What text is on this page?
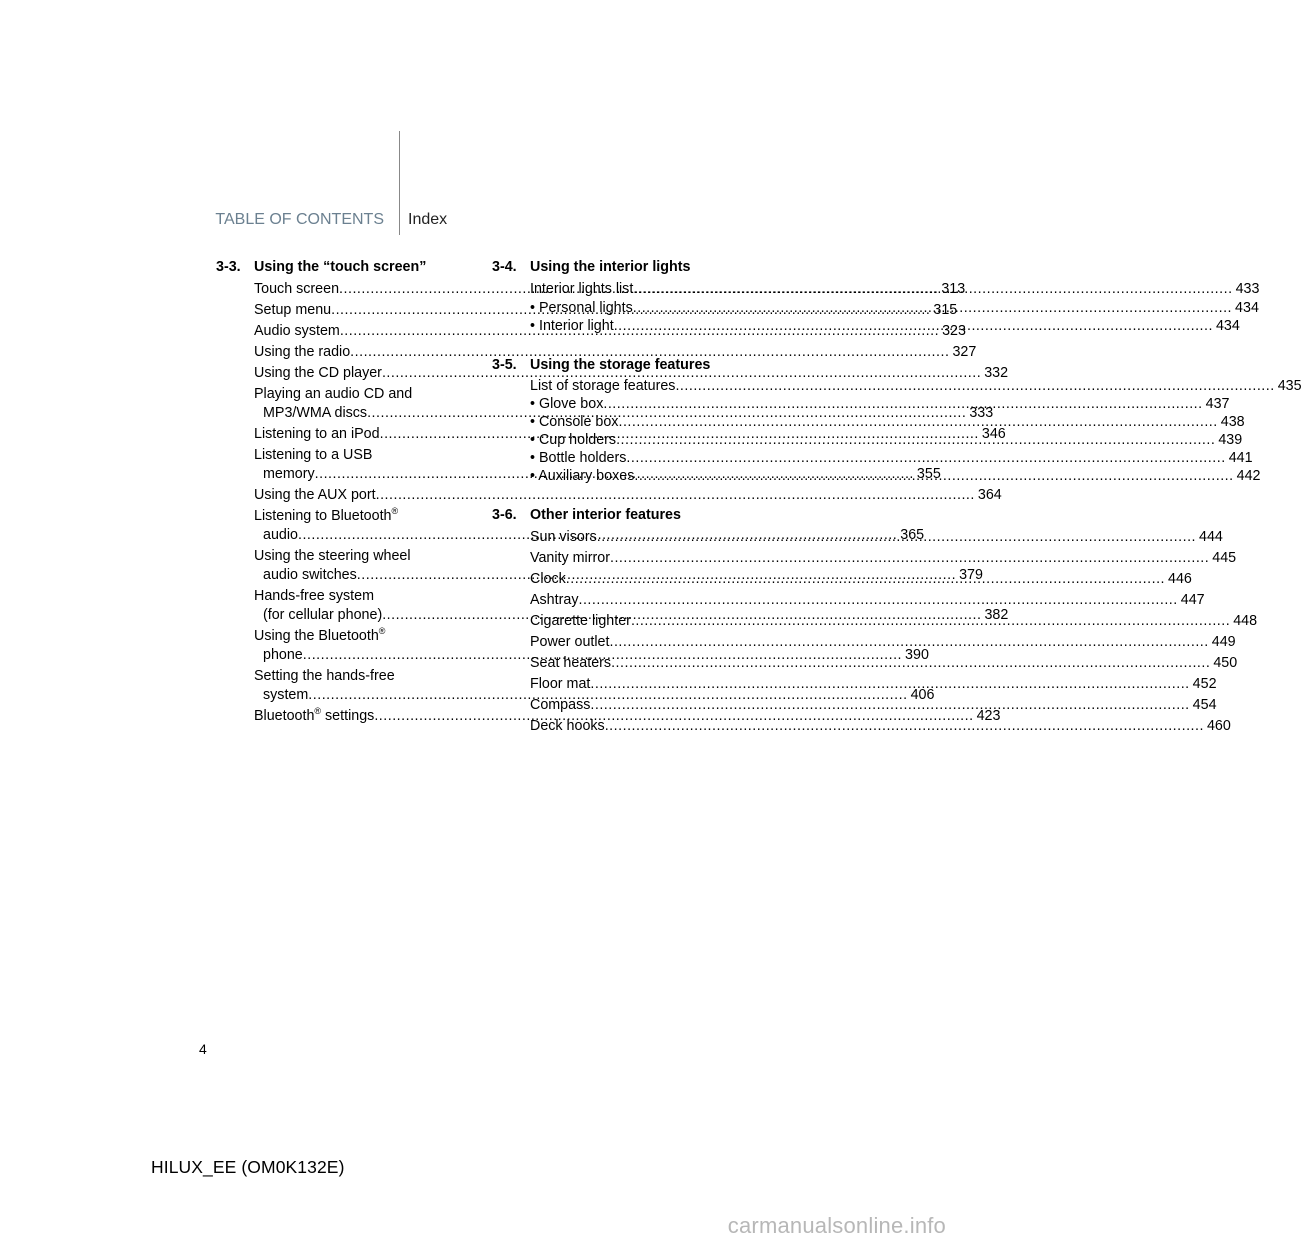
TABLE OF CONTENTS Index
3-3. Using the “touch screen”
Touch screen .....	313
Setup menu .....	315
Audio system .....	323
Using the radio .....	327
Using the CD player .....	332
Playing an audio CD and
MP3/WMA discs .....	333
Listening to an iPod .....	346
Listening to a USB
memory .....	355
Using the AUX port .....	364
Listening to Bluetooth®
audio .....	365
Using the steering wheel
audio switches .....	379
Hands-free system
(for cellular phone) .....	382
Using the Bluetooth®
phone .....	390
Setting the hands-free
system .....	406
Bluetooth® settings .....	423
3-4. Using the interior lights
Interior lights list .....	433
• Personal lights .....	434
• Interior light .....	434
3-5. Using the storage features
List of storage features .....	435
• Glove box .....	437
• Console box .....	438
• Cup holders .....	439
• Bottle holders .....	441
• Auxiliary boxes .....	442
3-6. Other interior features
Sun visors .....	444
Vanity mirror .....	445
Clock .....	446
Ashtray .....	447
Cigarette lighter .....	448
Power outlet .....	449
Seat heaters .....	450
Floor mat .....	452
Compass .....	454
Deck hooks .....	460
4
HILUX_EE (OM0K132E)
carmanualsonline.info
